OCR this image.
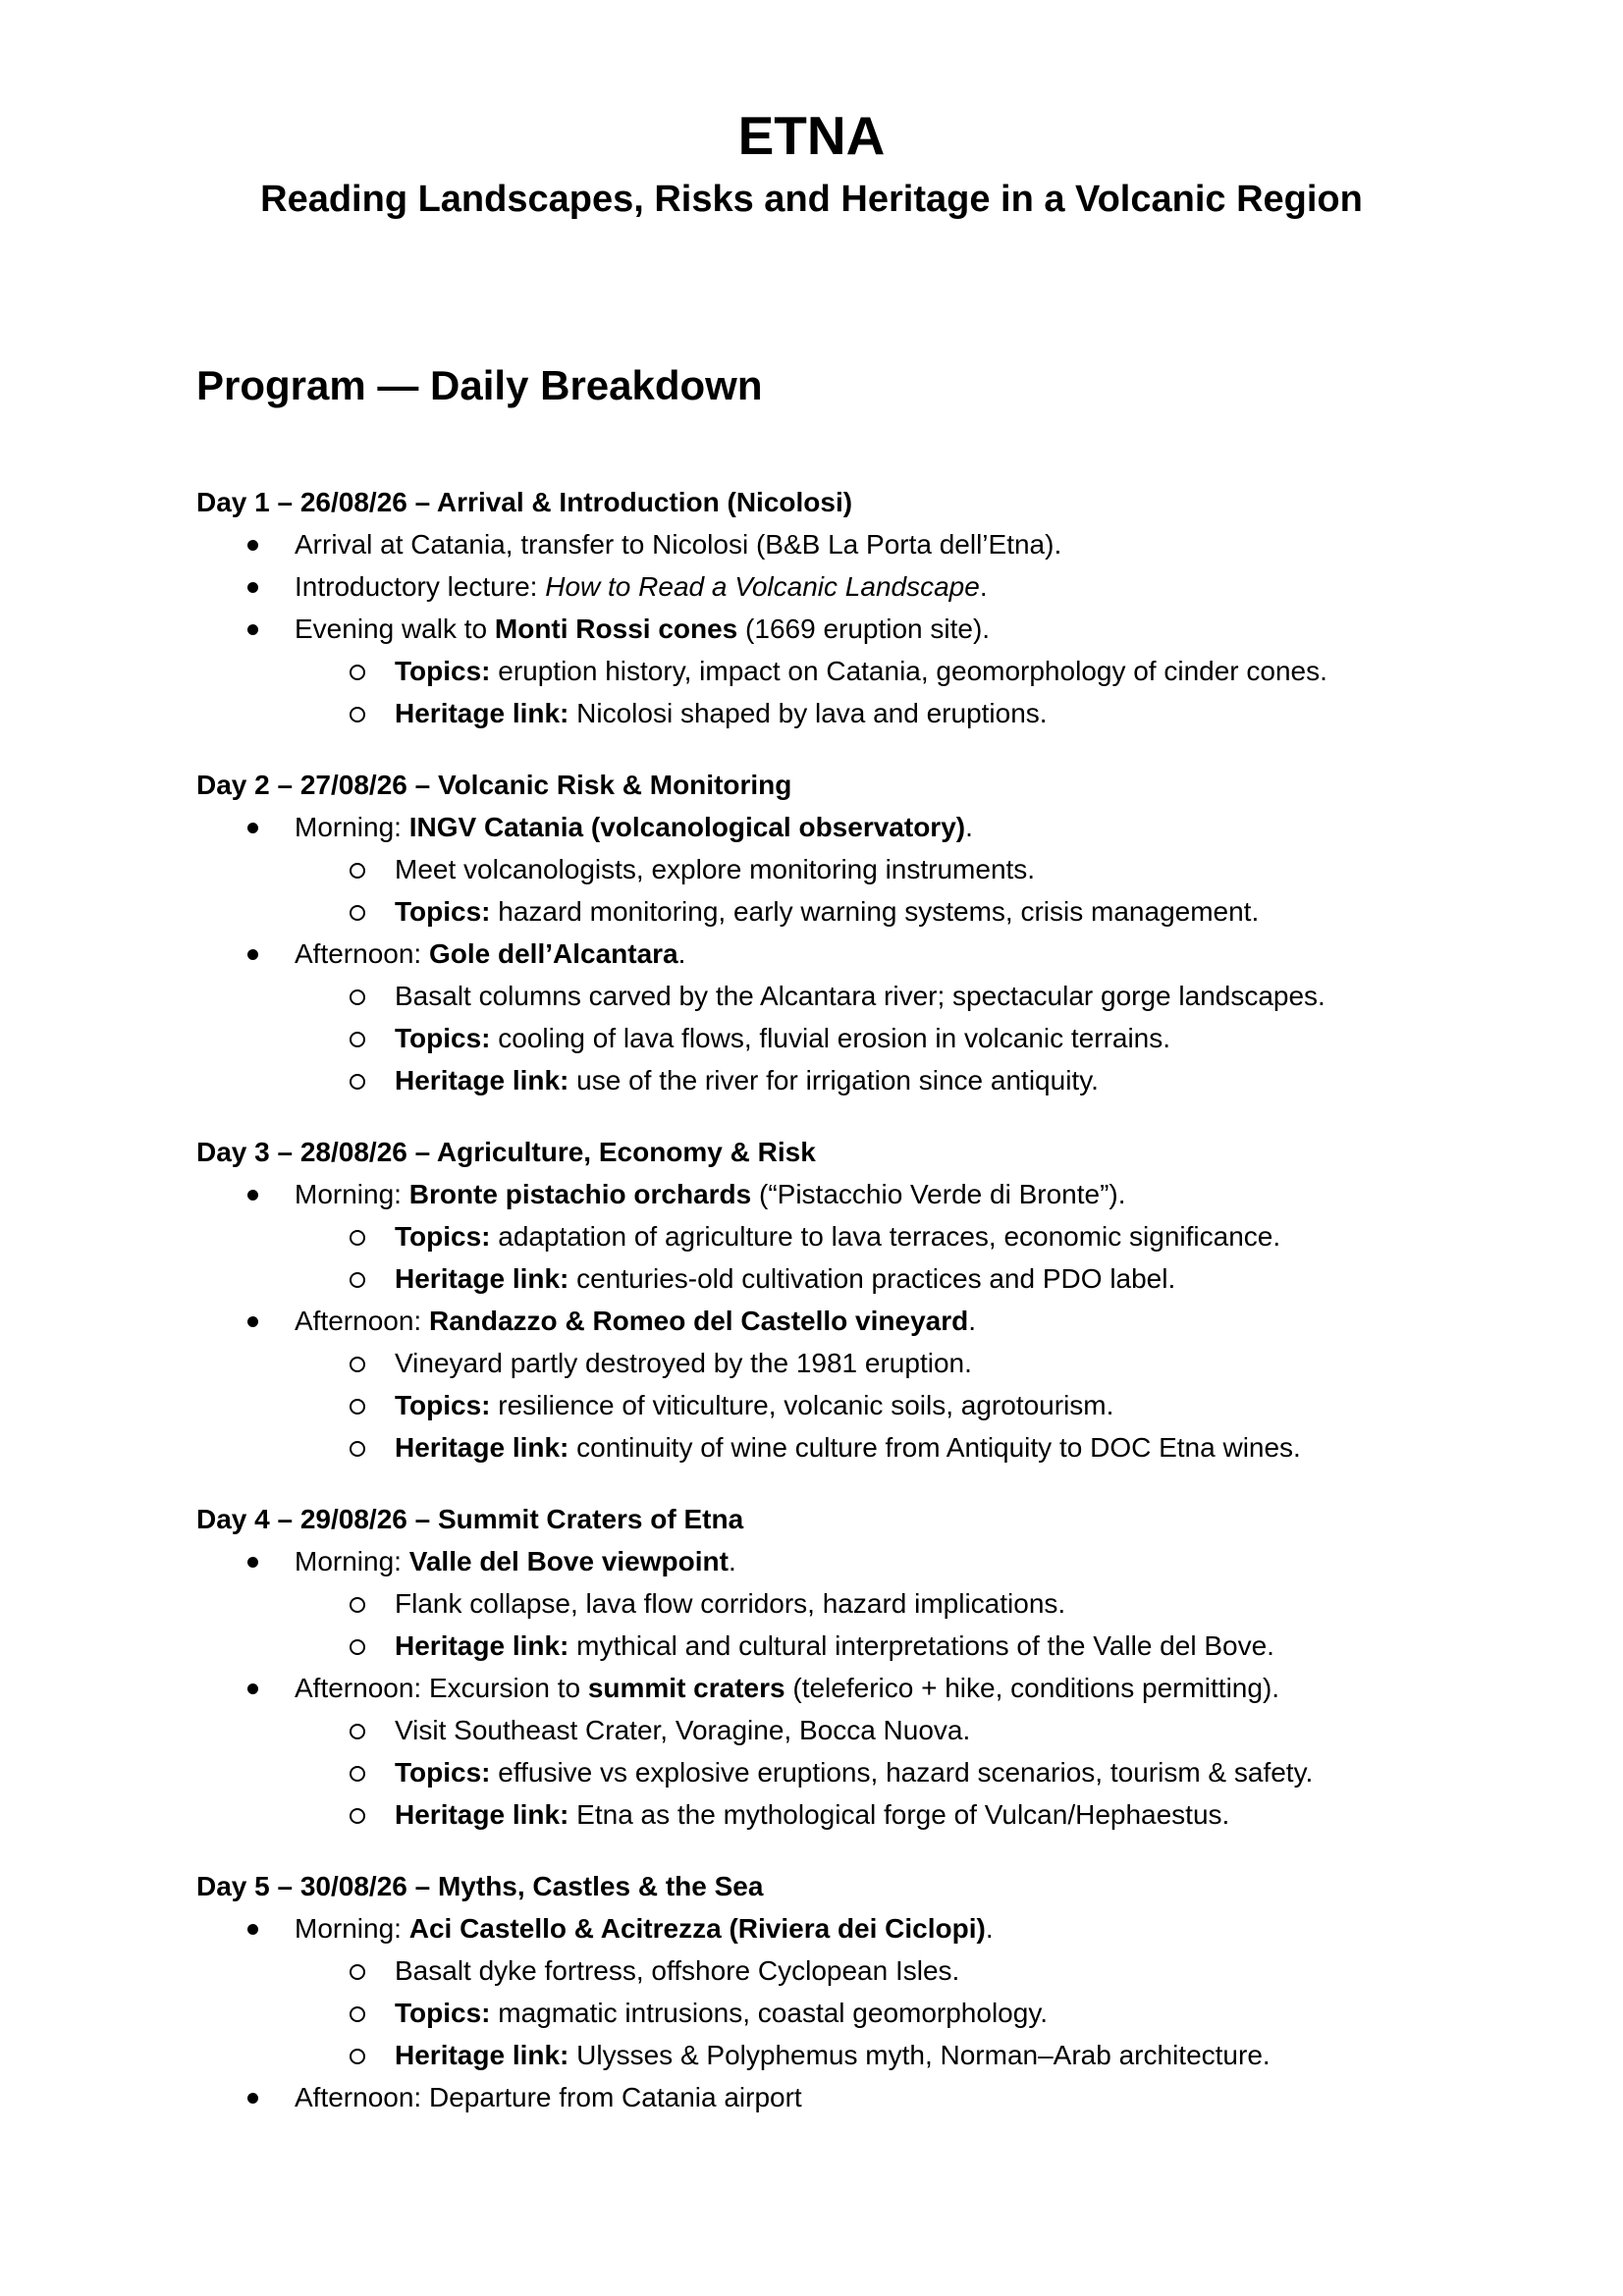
ETNA
Reading Landscapes, Risks and Heritage in a Volcanic Region
Program — Daily Breakdown
Day 1 – 26/08/26 – Arrival & Introduction (Nicolosi)
Arrival at Catania, transfer to Nicolosi (B&B La Porta dell’Etna).
Introductory lecture: How to Read a Volcanic Landscape.
Evening walk to Monti Rossi cones (1669 eruption site).
Topics: eruption history, impact on Catania, geomorphology of cinder cones.
Heritage link: Nicolosi shaped by lava and eruptions.
Day 2 – 27/08/26 – Volcanic Risk & Monitoring
Morning: INGV Catania (volcanological observatory).
Meet volcanologists, explore monitoring instruments.
Topics: hazard monitoring, early warning systems, crisis management.
Afternoon: Gole dell’Alcantara.
Basalt columns carved by the Alcantara river; spectacular gorge landscapes.
Topics: cooling of lava flows, fluvial erosion in volcanic terrains.
Heritage link: use of the river for irrigation since antiquity.
Day 3 – 28/08/26 – Agriculture, Economy & Risk
Morning: Bronte pistachio orchards (“Pistacchio Verde di Bronte”).
Topics: adaptation of agriculture to lava terraces, economic significance.
Heritage link: centuries-old cultivation practices and PDO label.
Afternoon: Randazzo & Romeo del Castello vineyard.
Vineyard partly destroyed by the 1981 eruption.
Topics: resilience of viticulture, volcanic soils, agrotourism.
Heritage link: continuity of wine culture from Antiquity to DOC Etna wines.
Day 4 – 29/08/26 – Summit Craters of Etna
Morning: Valle del Bove viewpoint.
Flank collapse, lava flow corridors, hazard implications.
Heritage link: mythical and cultural interpretations of the Valle del Bove.
Afternoon: Excursion to summit craters (teleferico + hike, conditions permitting).
Visit Southeast Crater, Voragine, Bocca Nuova.
Topics: effusive vs explosive eruptions, hazard scenarios, tourism & safety.
Heritage link: Etna as the mythological forge of Vulcan/Hephaestus.
Day 5 – 30/08/26 – Myths, Castles & the Sea
Morning: Aci Castello & Acitrezza (Riviera dei Ciclopi).
Basalt dyke fortress, offshore Cyclopean Isles.
Topics: magmatic intrusions, coastal geomorphology.
Heritage link: Ulysses & Polyphemus myth, Norman–Arab architecture.
Afternoon: Departure from Catania airport
